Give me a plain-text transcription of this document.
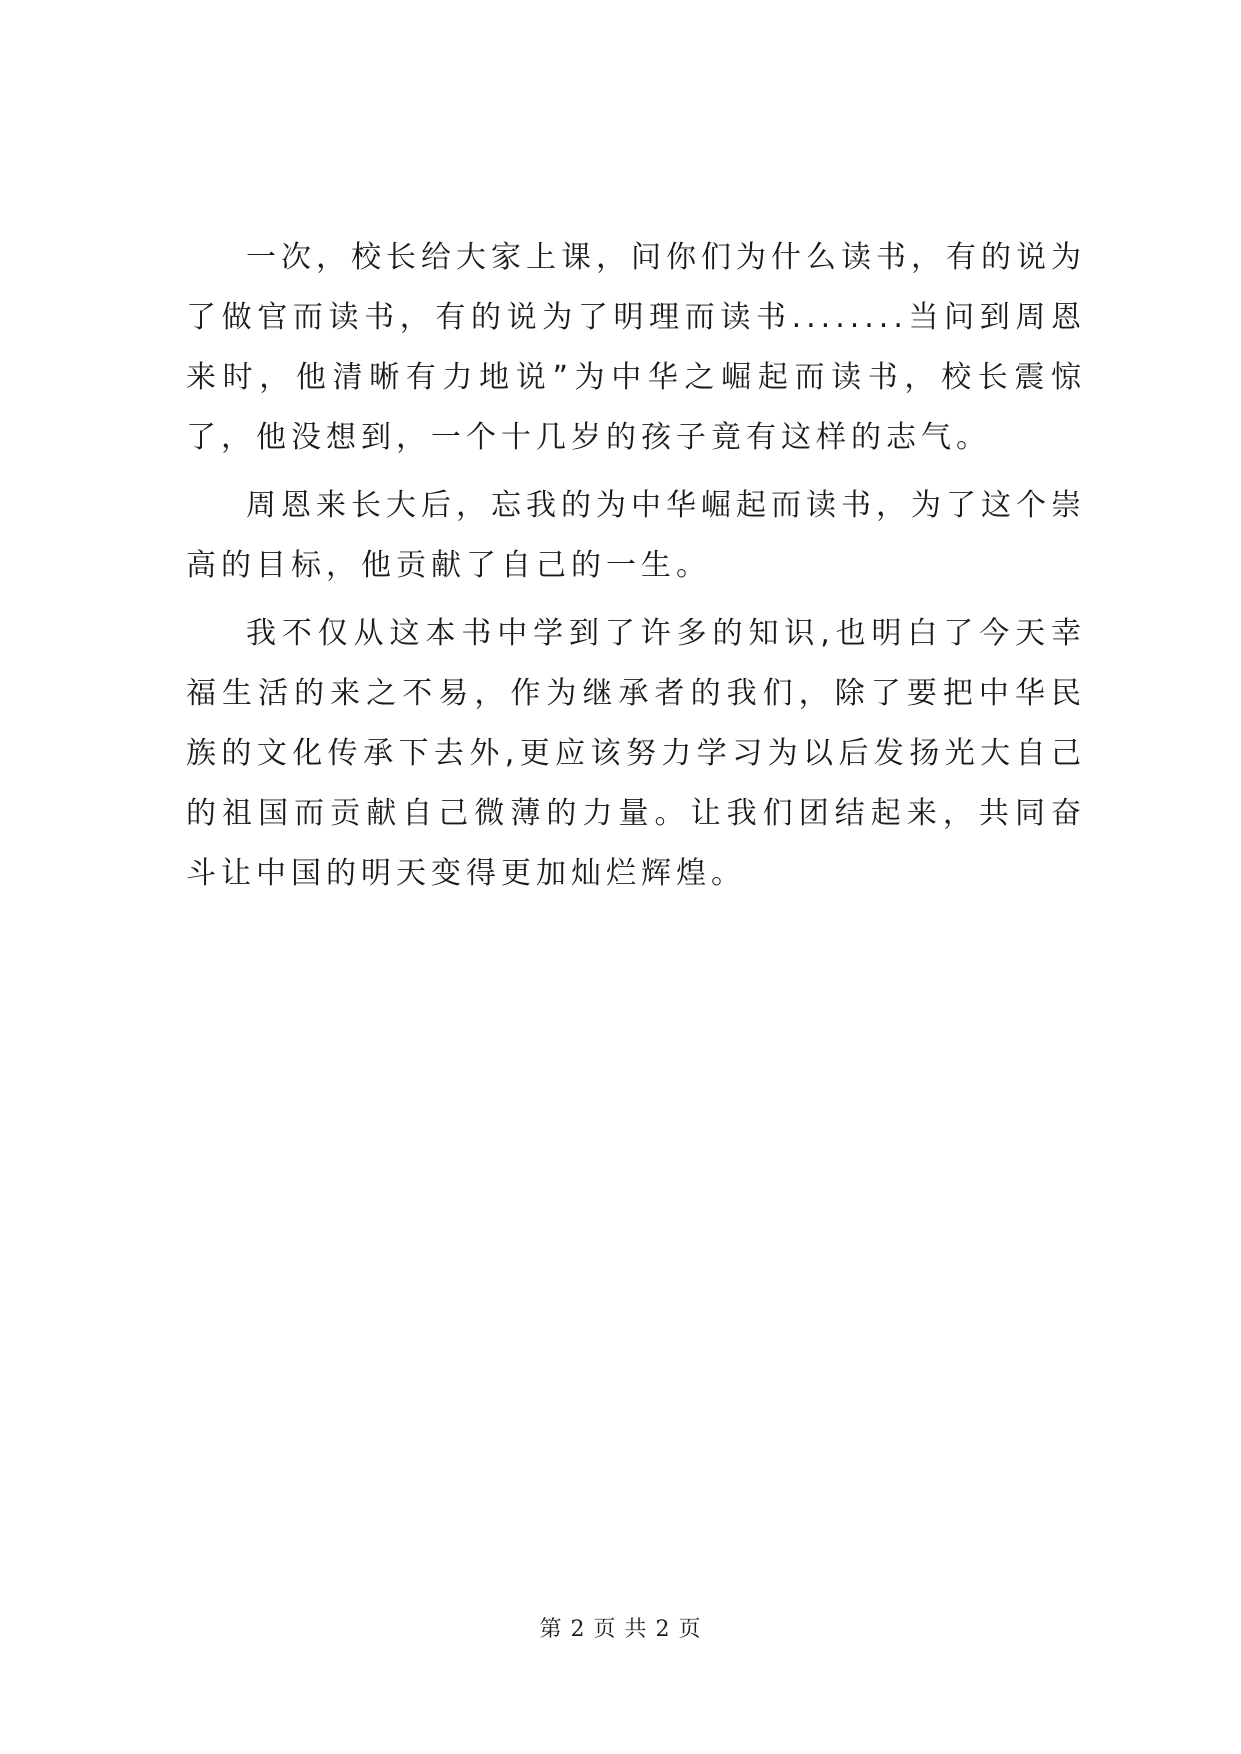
一次，校长给大家上课，问你们为什么读书，有的说为了做官而读书，有的说为了明理而读书........当问到周恩来时，他清晰有力地说”为中华之崛起而读书，校长震惊了，他没想到，一个十几岁的孩子竟有这样的志气。

周恩来长大后，忘我的为中华崛起而读书，为了这个崇高的目标，他贡献了自己的一生。

我不仅从这本书中学到了许多的知识,也明白了今天幸福生活的来之不易，作为继承者的我们，除了要把中华民族的文化传承下去外,更应该努力学习为以后发扬光大自己的祖国而贡献自己微薄的力量。让我们团结起来，共同奋斗让中国的明天变得更加灿烂辉煌。

第 2 页 共 2 页
